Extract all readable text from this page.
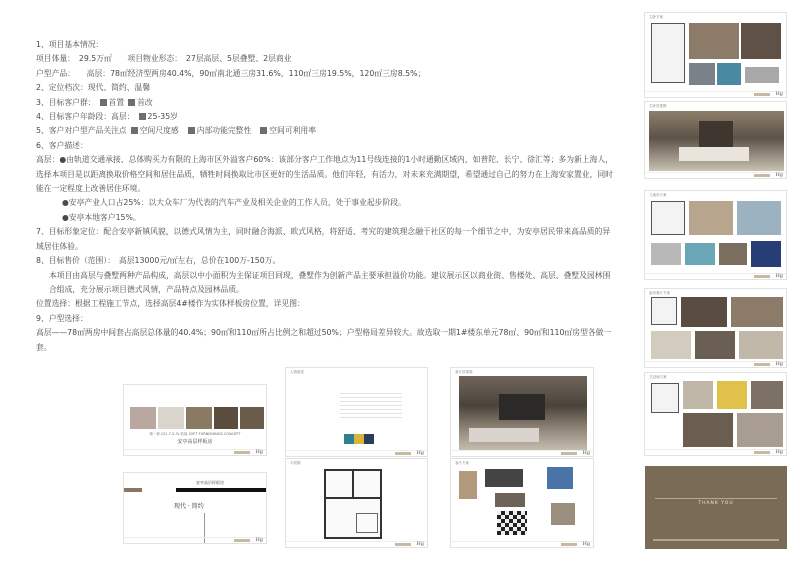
1、项目基本情况：
项目体量：　29.5万㎡　　项目物业形态：　27层高层、5层叠墅、2层商业
户型产品：　　高层：78㎡经济型两房40.4%，90㎡南北通三房31.6%，110㎡三房19.5%，120㎡三房8.5%；
2、定位档次：现代、简约、温馨
3、目标客户群： 首置 首改
4、目标客户年龄段：高层： 25-35岁
5、客户对户型产品关注点 空间尺度感 内部功能完整性 空间可利用率
6、客户描述：
高层：●由轨道交通承接、总体购买力有限的上海市区外溢客户60%：该部分客户工作地点为11号线连接的1小时通勤区域内，如普陀、长宁、徐汇等；多为新上海人，选择本项目是以距离换取价格空间和居住品质，牺牲时间换取比市区更好的生活品质。他们年轻，有活力，对未来充满期望，希望通过自己的努力在上海安家置业，同时能在一定程度上改善居住环境。
●安亭产业人口占25%：以大众车厂为代表的汽车产业及相关企业的工作人员，处于事业起步阶段。
●安亭本地客户15%。
7、目标形象定位：配合安亭新镇风貌，以德式风情为主，同时融合海派、欧式风格，将舒适、考究的建筑理念融于社区的每一个细节之中，为安亭居民带来高品质的异域居住体验。
8、目标售价（范围）：　高层13000元/㎡左右，总价在100万-150万。
本项目由高层与叠墅两种产品构成，高层以中小面积为主保证项目回现，叠墅作为创新产品主要承担溢价功能。建议展示区以商业街、售楼处、高层、叠墅及园林围合组成，充分展示项目德式风情，产品特点及园林品质。
位置选择：根据工程施工节点，选择高层4#楼作为实体样板房位置，详见图：
9、户型选择：
高层——78㎡两房中间套占高层总体量的40.4%；90㎡和110㎡所占比例之和超过50%；户型格局差异较大。故选取一期1#楼东单元78㎡、90㎡和110㎡房型各做一套。
第一套 (Q1-7-5-3) 软装 SOFT FURNISHINGS CONCEPT
安亭高层样板房
Hg
安亭高层样板房
现代 · 简约
Hg
人物描述
Hg
平面图
Hg
客厅效果图
Hg
客厅方案
Hg
主卧方案
Hg
主卧效果图
Hg
儿童房方案
Hg
厨房餐厅方案
Hg
卫浴间方案
Hg
THANK YOU
